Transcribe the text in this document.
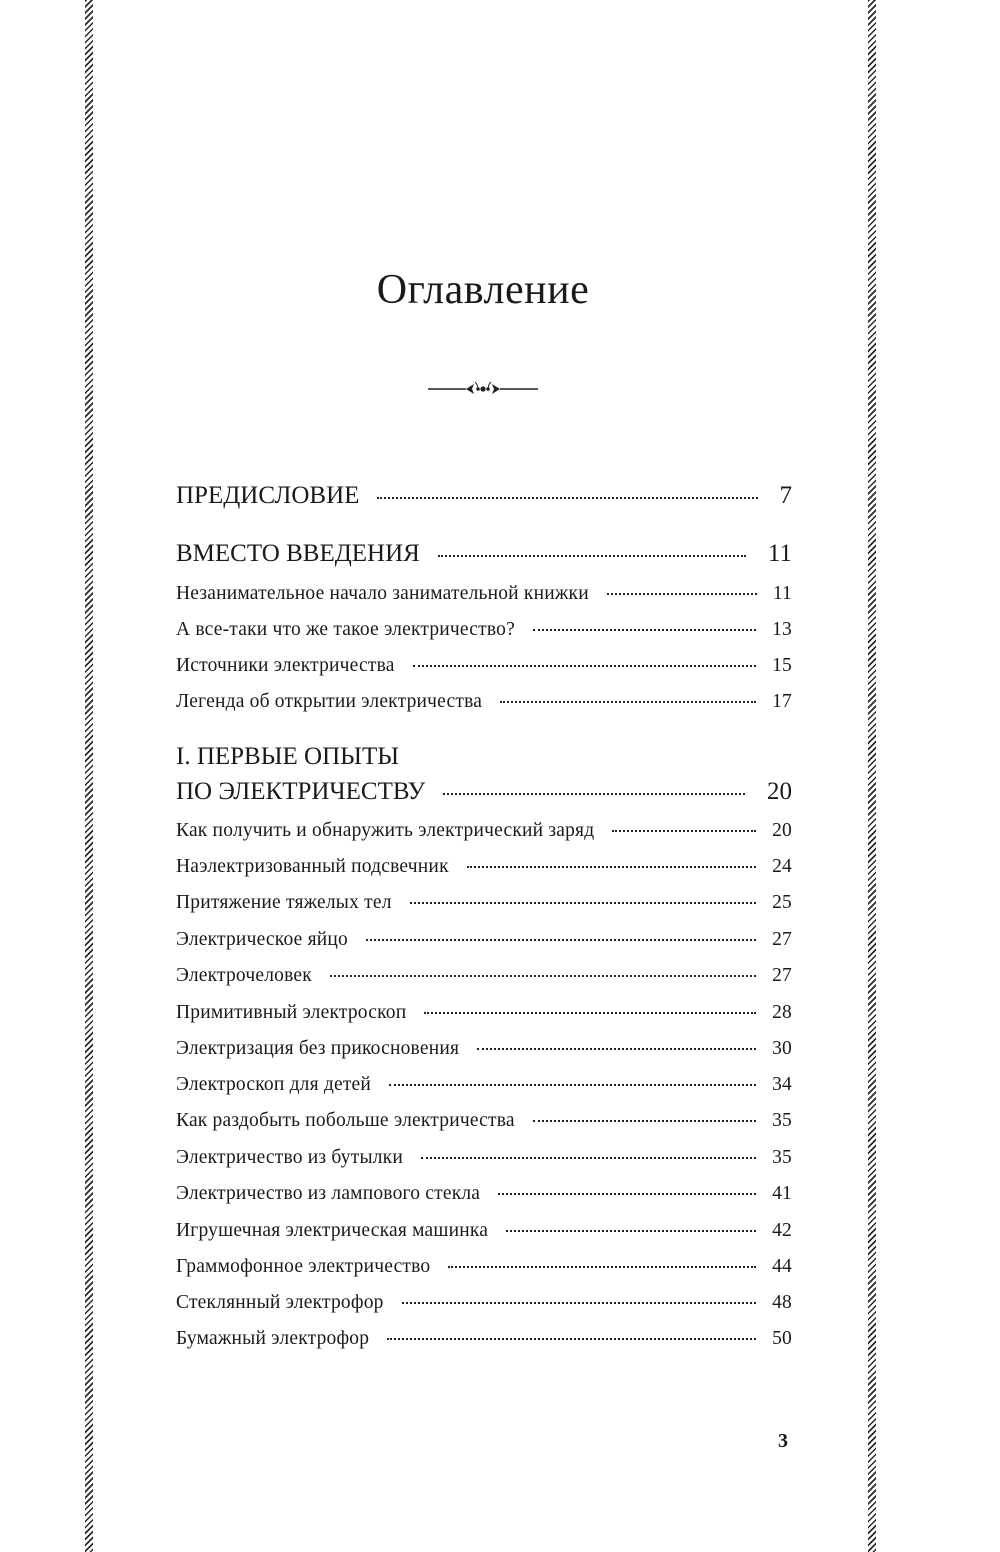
Оглавление
ПРЕДИСЛОВИЕ	7
ВМЕСТО ВВЕДЕНИЯ	11
Незанимательное начало занимательной книжки	11
А все-таки что же такое электричество?	13
Источники электричества	15
Легенда об открытии электричества	17
I. ПЕРВЫЕ ОПЫТЫ
ПО ЭЛЕКТРИЧЕСТВУ	20
Как получить и обнаружить электрический заряд	20
Наэлектризованный подсвечник	24
Притяжение тяжелых тел	25
Электрическое яйцо	27
Электрочеловек	27
Примитивный электроскоп	28
Электризация без прикосновения	30
Электроскоп для детей	34
Как раздобыть побольше электричества	35
Электричество из бутылки	35
Электричество из лампового стекла	41
Игрушечная электрическая машинка	42
Граммофонное электричество	44
Стеклянный электрофор	48
Бумажный электрофор	50
3
